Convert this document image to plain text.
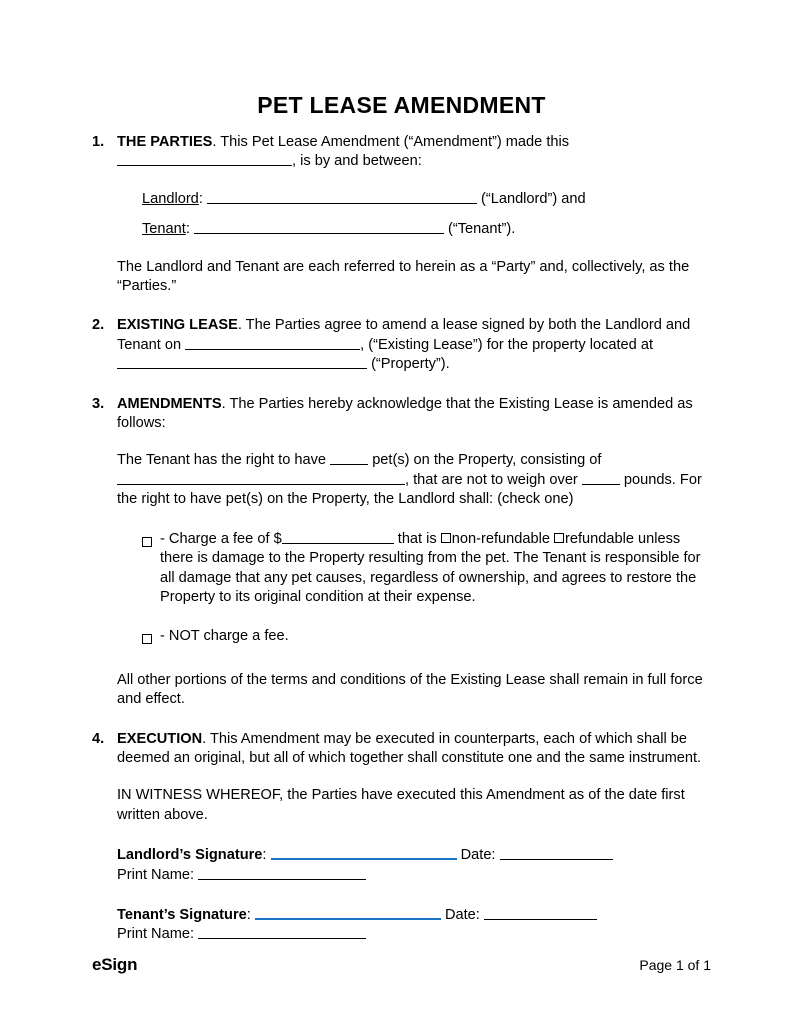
PET LEASE AMENDMENT
1. THE PARTIES. This Pet Lease Amendment (“Amendment”) made this
, is by and between:

Landlord:	(“Landlord”) and

Tenant:	(“Tenant”).

The Landlord and Tenant are each referred to herein as a “Party” and, collectively, as the “Parties.”

2. EXISTING LEASE. The Parties agree to amend a lease signed by both the Landlord and Tenant on	, (“Existing Lease”) for the property located at  (“Property”).

3. AMENDMENTS. The Parties hereby acknowledge that the Existing Lease is amended as follows:

The Tenant has the right to have	pet(s) on the Property, consisting of , that are not to weigh over	pounds. For the right to have pet(s) on the Property, the Landlord shall: (check one)

- Charge a fee of $	that is non-refundable refundable unless there is damage to the Property resulting from the pet. The Tenant is responsible for all damage that any pet causes, regardless of ownership, and agrees to restore the Property to its original condition at their expense.

- NOT charge a fee.

All other portions of the terms and conditions of the Existing Lease shall remain in full force and effect.

4. EXECUTION. This Amendment may be executed in counterparts, each of which shall be deemed an original, but all of which together shall constitute one and the same instrument.

IN WITNESS WHEREOF, the Parties have executed this Amendment as of the date first written above.

Landlord’s Signature:	Date:

Print Name:

Tenant’s Signature:	Date:

Print Name:

eSign	Page 1 of 1
